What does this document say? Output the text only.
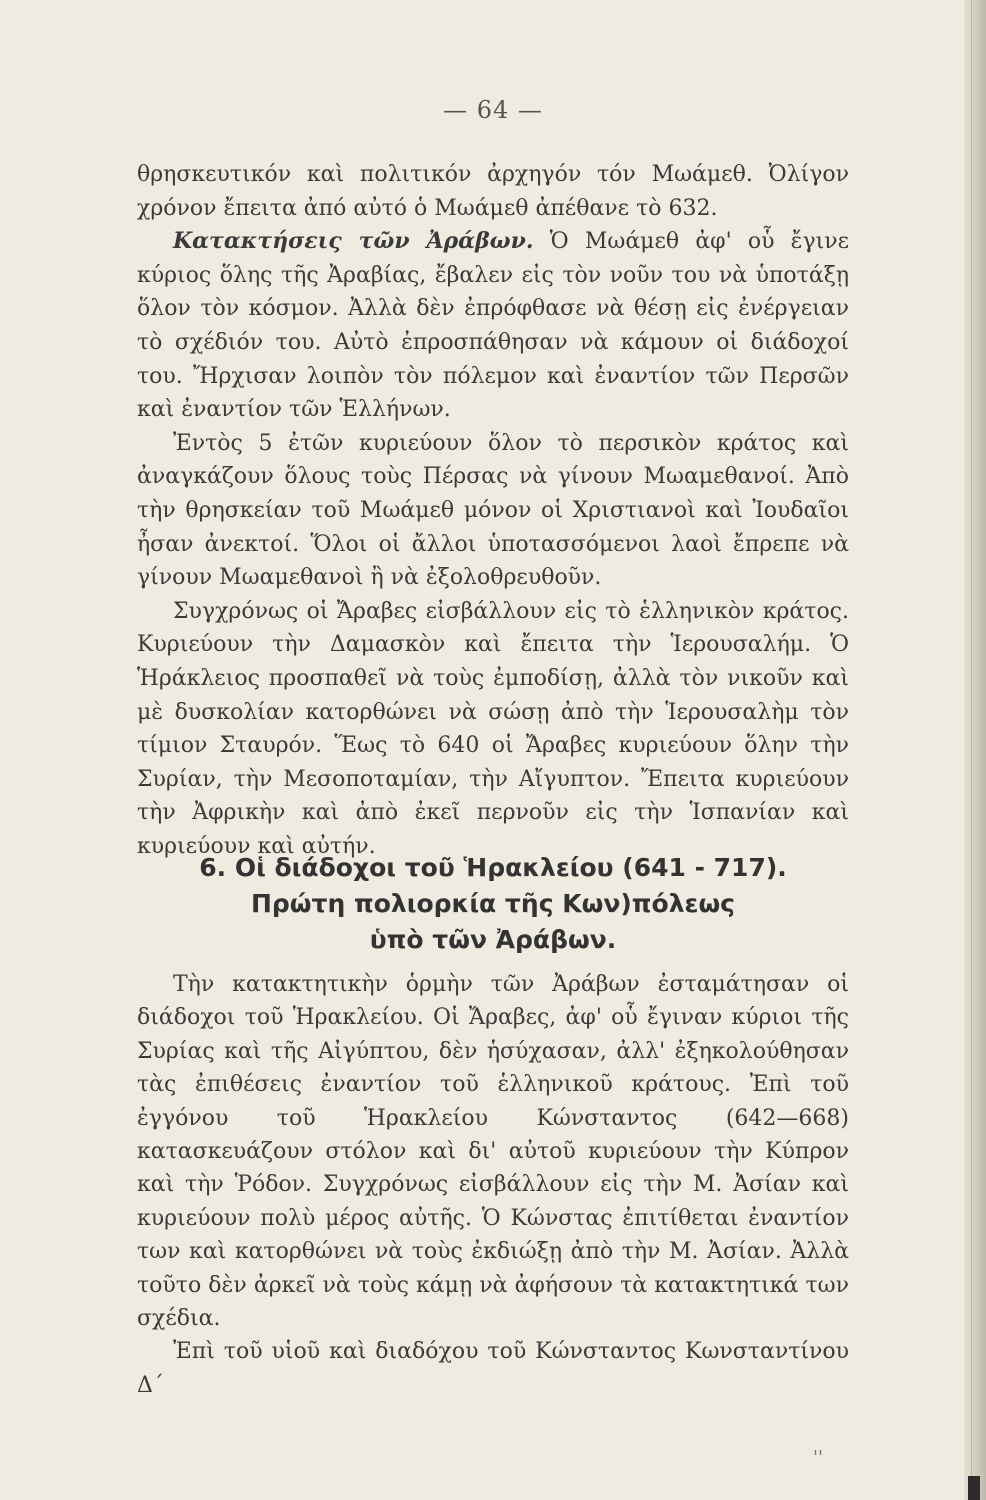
— 64 —

θρησκευτικόν καὶ πολιτικόν ἀρχηγόν τόν Μωάμεθ. Ὀλίγον χρόνον ἔπειτα ἀπό αὐτό ὁ Μωάμεθ ἀπέθανε τὸ 632.

Κατακτήσεις τῶν Ἀράβων. Ὁ Μωάμεθ ἀφ' οὗ ἔγινε κύριος ὅλης τῆς Ἀραβίας, ἔβαλεν εἰς τὸν νοῦν του νὰ ὑποτάξῃ ὅλον τὸν κόσμον. Ἀλλὰ δὲν ἐπρόφθασε νὰ θέσῃ εἰς ἐνέργειαν τὸ σχέδιόν του. Αὐτὸ ἐπροσπάθησαν νὰ κάμουν οἱ διάδοχοί του. Ἤρχισαν λοιπὸν τὸν πόλεμον καὶ ἐναντίον τῶν Περσῶν καὶ ἐναντίον τῶν Ἑλλήνων.

Ἐντὸς 5 ἐτῶν κυριεύουν ὅλον τὸ περσικὸν κράτος καὶ ἀναγκάζουν ὅλους τοὺς Πέρσας νὰ γίνουν Μωαμεθανοί. Ἀπὸ τὴν θρησκείαν τοῦ Μωάμεθ μόνον οἱ Χριστιανοὶ καὶ Ἰουδαῖοι ἦσαν ἀνεκτοί. Ὅλοι οἱ ἄλλοι ὑποτασσόμενοι λαοὶ ἔπρεπε νὰ γίνουν Μωαμεθανοὶ ἢ νὰ ἐξολοθρευθοῦν.

Συγχρόνως οἱ Ἄραβες εἰσβάλλουν εἰς τὸ ἑλληνικὸν κράτος. Κυριεύουν τὴν Δαμασκὸν καὶ ἔπειτα τὴν Ἱερουσαλήμ. Ὁ Ἡράκλειος προσπαθεῖ νὰ τοὺς ἐμποδίσῃ, ἀλλὰ τὸν νικοῦν καὶ μὲ δυσκολίαν κατορθώνει νὰ σώσῃ ἀπὸ τὴν Ἱερουσαλὴμ τὸν τίμιον Σταυρόν. Ἕως τὸ 640 οἱ Ἄραβες κυριεύουν ὅλην τὴν Συρίαν, τὴν Μεσοποταμίαν, τὴν Αἴγυπτον. Ἔπειτα κυριεύουν τὴν Ἀφρικὴν καὶ ἀπὸ ἐκεῖ περνοῦν εἰς τὴν Ἱσπανίαν καὶ κυριεύουν καὶ αὐτήν.

6. Οἱ διάδοχοι τοῦ Ἡρακλείου (641 - 717).
Πρώτη πολιορκία τῆς Κων)πόλεως
ὑπὸ τῶν Ἀράβων.

Τὴν κατακτητικὴν ὁρμὴν τῶν Ἀράβων ἐσταμάτησαν οἱ διάδοχοι τοῦ Ἡρακλείου. Οἱ Ἄραβες, ἀφ' οὗ ἔγιναν κύριοι τῆς Συρίας καὶ τῆς Αἰγύπτου, δὲν ἡσύχασαν, ἀλλ' ἐξηκολούθησαν τὰς ἐπιθέσεις ἐναντίον τοῦ ἑλληνικοῦ κράτους. Ἐπὶ τοῦ ἐγγόνου τοῦ Ἡρακλείου Κώνσταντος (642—668) κατασκευάζουν στόλον καὶ δι' αὐτοῦ κυριεύουν τὴν Κύπρον καὶ τὴν Ῥόδον. Συγχρόνως εἰσβάλλουν εἰς τὴν Μ. Ἀσίαν καὶ κυριεύουν πολὺ μέρος αὐτῆς. Ὁ Κώνστας ἐπιτίθεται ἐναντίον των καὶ κατορθώνει νὰ τοὺς ἐκδιώξῃ ἀπὸ τὴν Μ. Ἀσίαν. Ἀλλὰ τοῦτο δὲν ἀρκεῖ νὰ τοὺς κάμῃ νὰ ἀφήσουν τὰ κατακτητικά των σχέδια.

Ἐπὶ τοῦ υἱοῦ καὶ διαδόχου τοῦ Κώνσταντος Κωνσταντίνου Δ´

''
